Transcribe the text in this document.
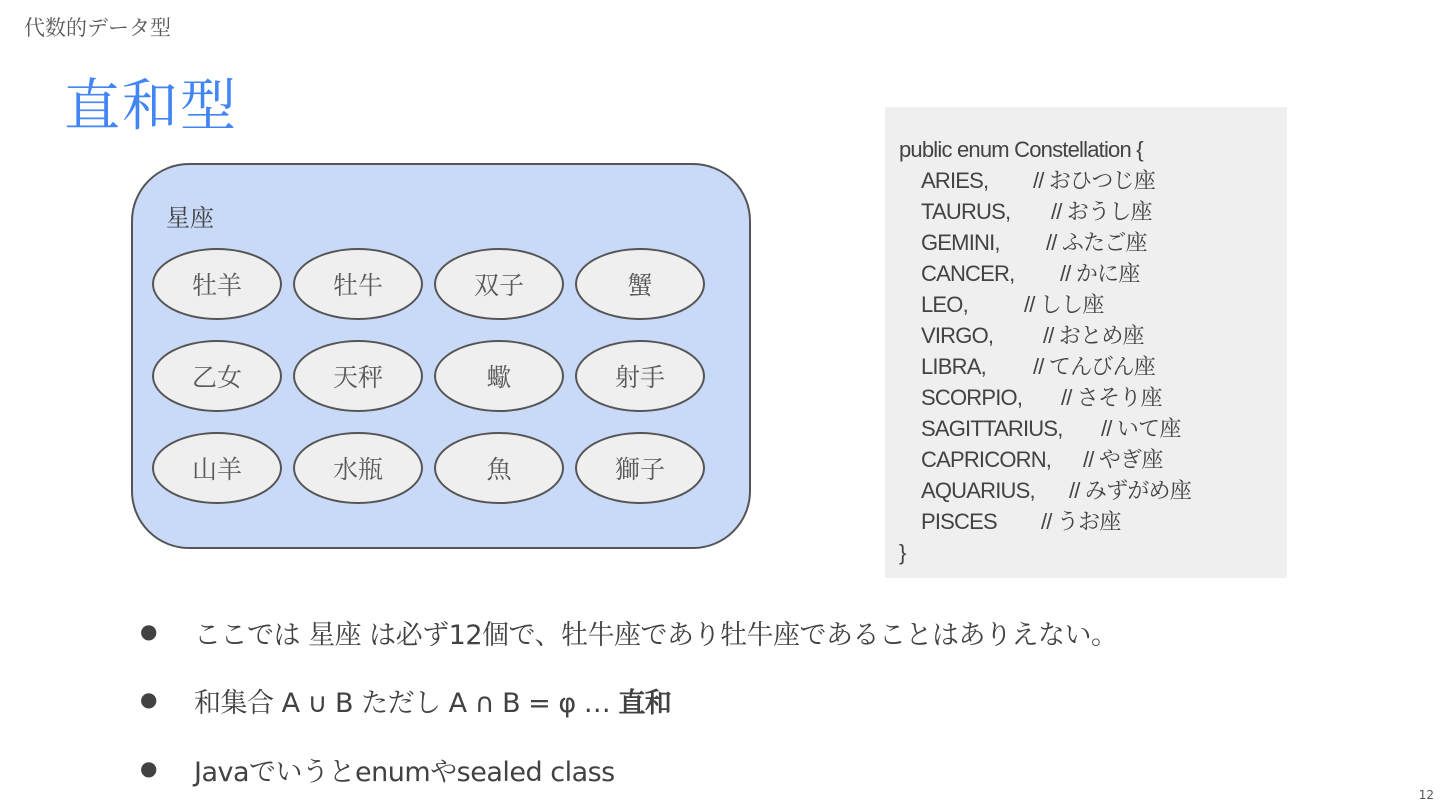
代数的データ型
直和型
星座
牡羊	牡牛	双子	蟹
乙女	天秤	蠍	射手
山羊	水瓶	魚	獅子
public enum Constellation {
ARIES, // おひつじ座
TAURUS, // おうし座
GEMINI, // ふたご座
CANCER, // かに座
LEO,	// しし座
VIRGO, // おとめ座
LIBRA, // てんびん座
SCORPIO, // さそり座
SAGITTARIUS, // いて座
CAPRICORN, // やぎ座
AQUARIUS, // みずがめ座
PISCES // うお座
}
● ここでは 星座 は必ず12個で、牡牛座であり牡牛座であることはありえない。
● 和集合 A ∪ B ただし A ∩ B = φ … 直和
● Javaでいうとenumやsealed class
12
